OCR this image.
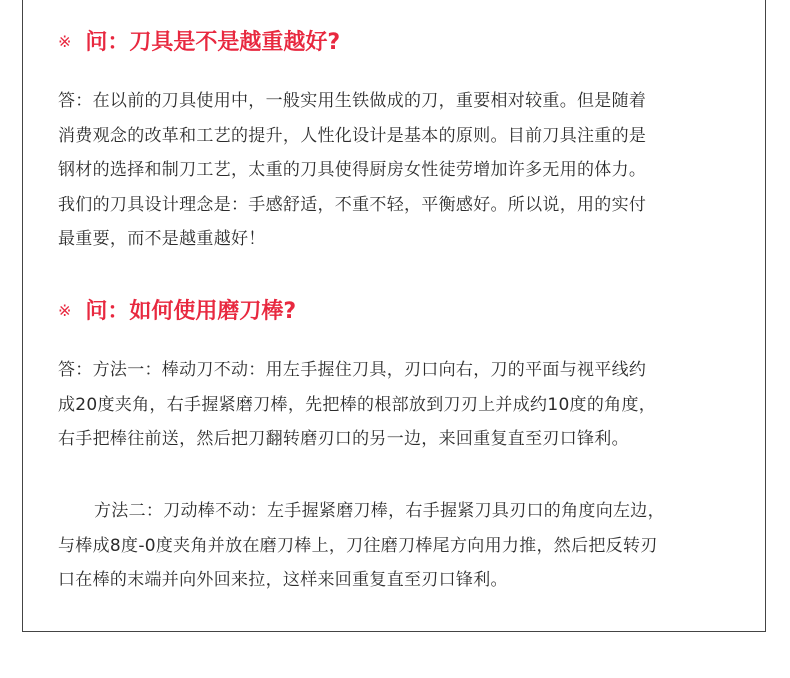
※ 问：刀具是不是越重越好?
答：在以前的刀具使用中，一般实用生铁做成的刀，重要相对较重。但是随着
消费观念的改革和工艺的提升，人性化设计是基本的原则。目前刀具注重的是
钢材的选择和制刀工艺，太重的刀具使得厨房女性徒劳增加许多无用的体力。
我们的刀具设计理念是：手感舒适，不重不轻，平衡感好。所以说，用的实付
最重要，而不是越重越好！
※ 问：如何使用磨刀棒?
答：方法一：棒动刀不动：用左手握住刀具，刃口向右，刀的平面与视平线约
成20度夹角，右手握紧磨刀棒，先把棒的根部放到刀刃上并成约10度的角度，
右手把棒往前送，然后把刀翻转磨刃口的另一边，来回重复直至刃口锋利。
方法二：刀动棒不动：左手握紧磨刀棒，右手握紧刀具刃口的角度向左边，
与棒成8度-0度夹角并放在磨刀棒上，刀往磨刀棒尾方向用力推，然后把反转刃
口在棒的末端并向外回来拉，这样来回重复直至刃口锋利。
